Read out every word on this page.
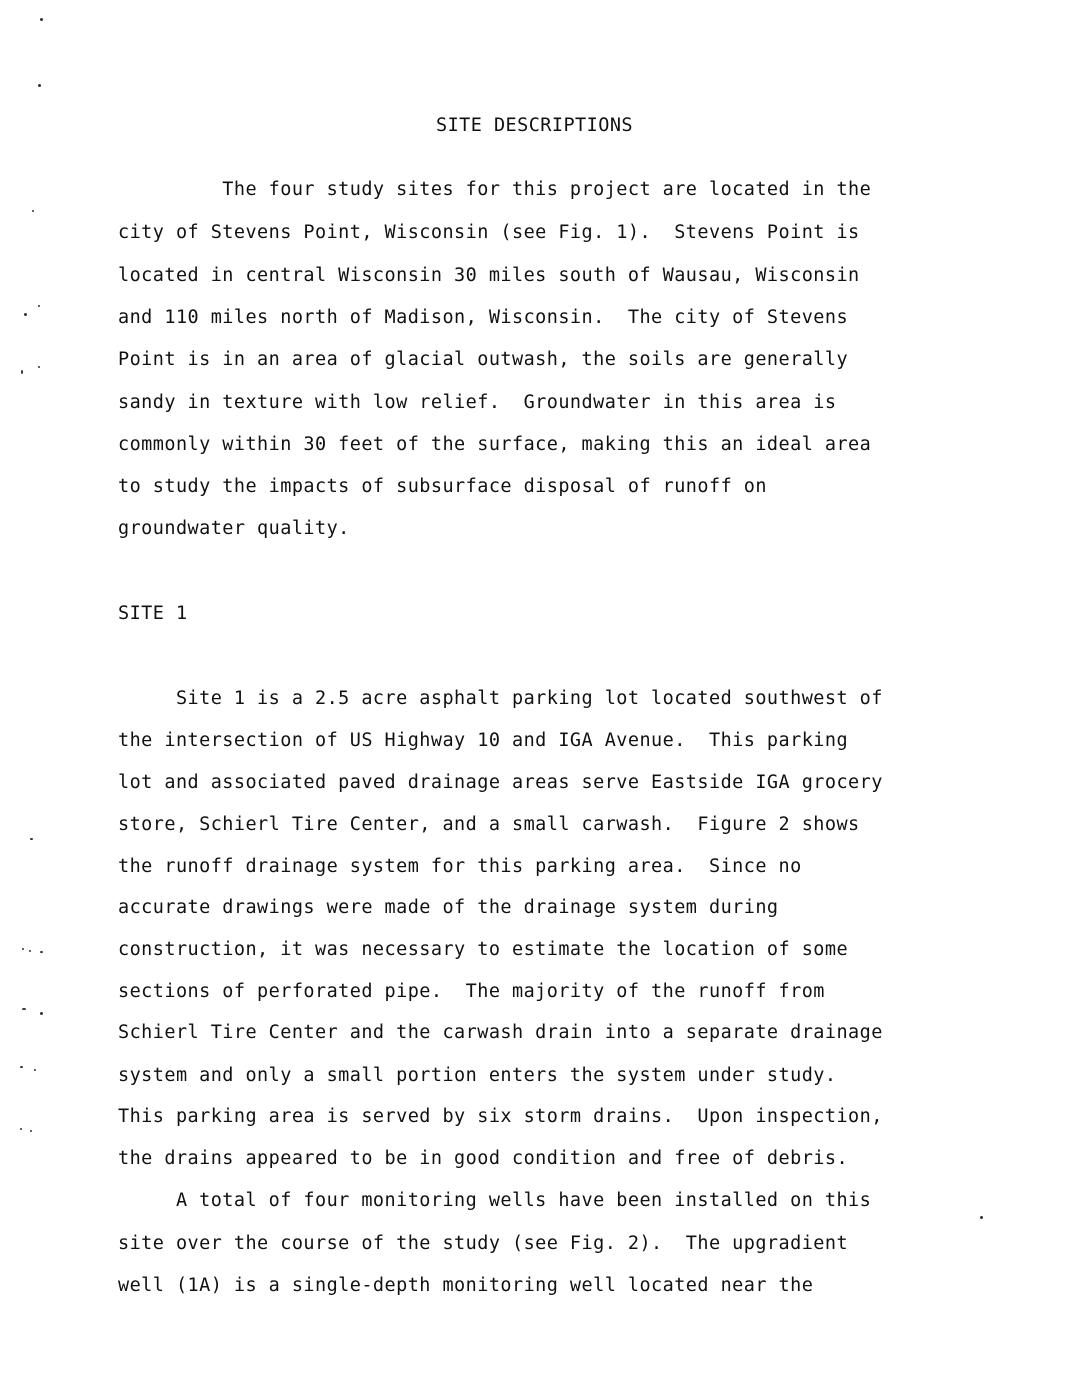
SITE DESCRIPTIONS
The four study sites for this project are located in the
city of Stevens Point, Wisconsin (see Fig. 1).  Stevens Point is
located in central Wisconsin 30 miles south of Wausau, Wisconsin
and 110 miles north of Madison, Wisconsin.  The city of Stevens
Point is in an area of glacial outwash, the soils are generally
sandy in texture with low relief.  Groundwater in this area is
commonly within 30 feet of the surface, making this an ideal area
to study the impacts of subsurface disposal of runoff on
groundwater quality.
SITE 1
Site 1 is a 2.5 acre asphalt parking lot located southwest of
the intersection of US Highway 10 and IGA Avenue.  This parking
lot and associated paved drainage areas serve Eastside IGA grocery
store, Schierl Tire Center, and a small carwash.  Figure 2 shows
the runoff drainage system for this parking area.  Since no
accurate drawings were made of the drainage system during
construction, it was necessary to estimate the location of some
sections of perforated pipe.  The majority of the runoff from
Schierl Tire Center and the carwash drain into a separate drainage
system and only a small portion enters the system under study.
This parking area is served by six storm drains.  Upon inspection,
the drains appeared to be in good condition and free of debris.
A total of four monitoring wells have been installed on this
site over the course of the study (see Fig. 2).  The upgradient
well (1A) is a single-depth monitoring well located near the
